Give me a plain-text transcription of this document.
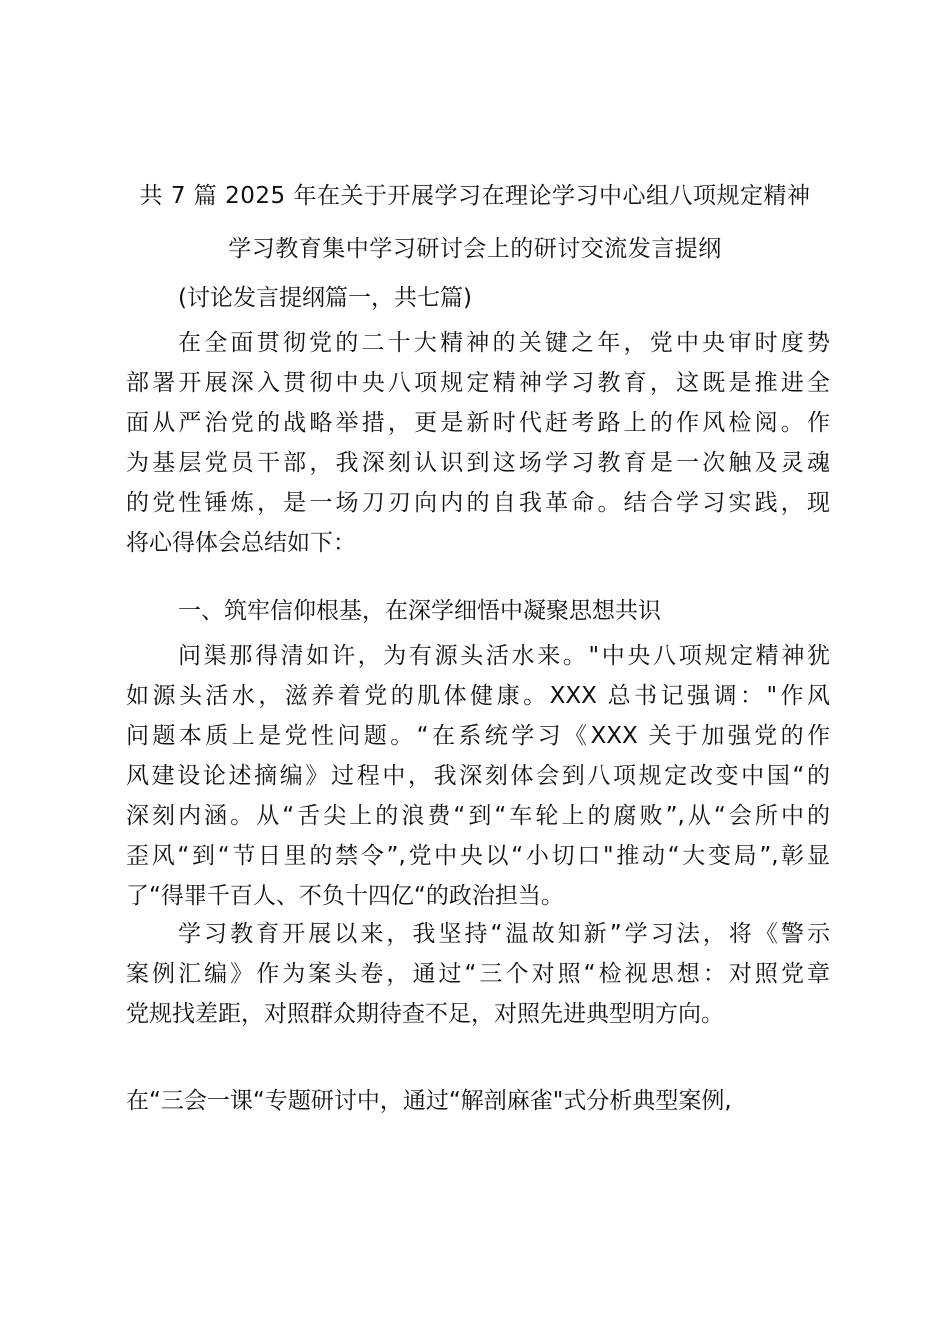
共 7 篇 2025 年在关于开展学习在理论学习中心组八项规定精神
学习教育集中学习研讨会上的研讨交流发言提纲
(讨论发言提纲篇一，共七篇)
在全面贯彻党的二十大精神的关键之年，党中央审时度势
部署开展深入贯彻中央八项规定精神学习教育，这既是推进全
面从严治党的战略举措，更是新时代赶考路上的作风检阅。作
为基层党员干部，我深刻认识到这场学习教育是一次触及灵魂
的党性锤炼，是一场刀刃向内的自我革命。结合学习实践，现
将心得体会总结如下：
一、筑牢信仰根基，在深学细悟中凝聚思想共识
问渠那得清如许，为有源头活水来。"中央八项规定精神犹
如源头活水，滋养着党的肌体健康。XXX 总书记强调："作风
问题本质上是党性问题。“在系统学习《XXX 关于加强党的作
风建设论述摘编》过程中，我深刻体会到八项规定改变中国“的
深刻内涵。从“舌尖上的浪费“到“车轮上的腐败”,从“会所中的
歪风“到“节日里的禁令”,党中央以“小切口"推动“大变局”,彰显
了“得罪千百人、不负十四亿“的政治担当。
学习教育开展以来，我坚持“温故知新”学习法，将《警示
案例汇编》作为案头卷，通过“三个对照“检视思想：对照党章
党规找差距，对照群众期待查不足，对照先进典型明方向。
在“三会一课“专题研讨中，通过“解剖麻雀"式分析典型案例,
